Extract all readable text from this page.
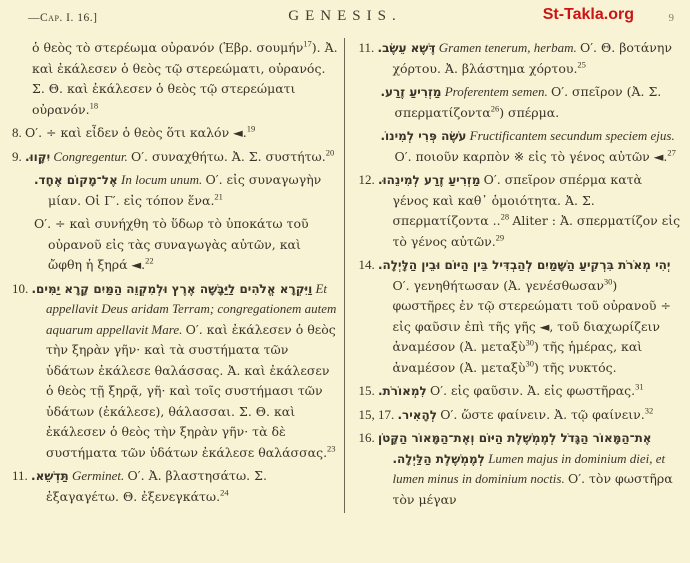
—Cap. I. 16.]	GENESIS.	St-Takla.org	9
ὁ θεὸς τὸ στερέωμα οὐρανόν (Ἑβρ. σουμήν$^{17}$). Ἀ. καὶ ἐκάλεσεν ὁ θεὸς τῷ στερεώματι, οὐρανός. Σ. Θ. καὶ ἐκάλεσεν ὁ θεὸς τῷ στερεώματι οὐρανόν.$^{18}$
8. Ο′. ÷ καὶ εἶδεν ὁ θεὸς ὅτι καλόν ◄.$^{19}$
9. יִקָּווּ. Congregentur. Ο′. συναχθήτω. Ἀ. Σ. συστήτω.$^{20}$
אֶל־מָקוֹם אֶחָד. In locum unum. Ο′. εἰς συναγωγὴν μίαν. Οἱ Γ′. εἰς τόπον ἕνα.$^{21}$
Ο′. ÷ καὶ συνήχθη τὸ ὕδωρ τὸ ὑποκάτω τοῦ οὐρανοῦ εἰς τὰς συναγωγὰς αὐτῶν, καὶ ὤφθη ἡ ξηρά ◄.$^{22}$
10. וַיִּקְרָא אֱלֹהִים לַיַּבָּשָׁה אֶרֶץ וּלְמִקְוֵה הַמַּיִם קָרָא יַמִּים. Et appellavit Deus aridam Terram; congregationem autem aquarum appellavit Mare. Ο′. καὶ ἐκάλεσεν ὁ θεὸς τὴν ξηρὰν γῆν· καὶ τὰ συστήματα τῶν ὑδάτων ἐκάλεσε θαλάσσας. Ἀ. καὶ ἐκάλεσεν ὁ θεὸς τῇ ξηρᾷ, γῆ· καὶ τοῖς συστήμασι τῶν ὑδάτων (ἐκάλεσε), θάλασσαι. Σ. Θ. καὶ ἐκάλεσεν ὁ θεὸς τὴν ξηρὰν γῆν· τὰ δὲ συστήματα τῶν ὑδάτων ἐκάλεσε θαλάσσας.$^{23}$
11. תַּדְשֵׁא. Germinet. Ο′. Ἀ. βλαστησάτω. Σ. ἐξαγαγέτω. Θ. ἐξενεγκάτω.$^{24}$
11. דֶּשֶׁא עֵשֶׂב. Gramen tenerum, herbam. Ο′. Θ. βοτάνην χόρτου. Ἀ. βλάστημα χόρτου.$^{25}$
מַזְרִיעַ זֶרַע. Proferentem semen. Ο′. σπεῖρον (Ἀ. Σ. σπερματίζοντα$^{26}$) σπέρμα.
עֹשֶׂה פְּרִי לְמִינוֹ. Fructificantem secundum speciem ejus. Ο′. ποιοῦν καρπὸν ※ εἰς τὸ γένος αὐτῶν ◄.$^{27}$
12. מַזְרִיעַ זֶרַע לְמִינֵהוּ. Ο′. σπεῖρον σπέρμα κατὰ γένος καὶ καθ᾽ ὁμοιότητα. Ἀ. Σ. σπερματίζοντα ..$^{28}$ Aliter : Ἀ. σπερματίζον εἰς τὸ γένος αὐτῶν.$^{29}$
14. יְהִי מְאֹרֹת בִּרְקִיעַ הַשָּׁמַיִם לְהַבְדִּיל בֵּין הַיּוֹם וּבֵין הַלָּיְלָה. Ο′. γενηθήτωσαν (Ἀ. γενέσθωσαν$^{30}$) φωστῆρες ἐν τῷ στερεώματι τοῦ οὐρανοῦ ÷ εἰς φαῦσιν ἐπὶ τῆς γῆς ◄, τοῦ διαχωρίζειν ἀναμέσον (Ἀ. μεταξὺ$^{30}$) τῆς ἡμέρας, καὶ ἀναμέσον (Ἀ. μεταξὺ$^{30}$) τῆς νυκτός.
15. לִמְאוֹרֹת. Ο′. εἰς φαῦσιν. Ἀ. εἰς φωστῆρας.$^{31}$
15, 17. לְהָאִיר. Ο′. ὥστε φαίνειν. Ἀ. τῷ φαίνειν.$^{32}$
16. אֶת־הַמָּאוֹר הַגָּדֹל לְמֶמְשֶׁלֶת הַיּוֹם וְאֶת־הַמָּאוֹר הַקָּטֹן לְמֶמְשֶׁלֶת הַלַּיְלָה. Lumen majus in dominium diei, et lumen minus in dominium noctis. Ο′. τὸν φωστῆρα τὸν μέγαν
